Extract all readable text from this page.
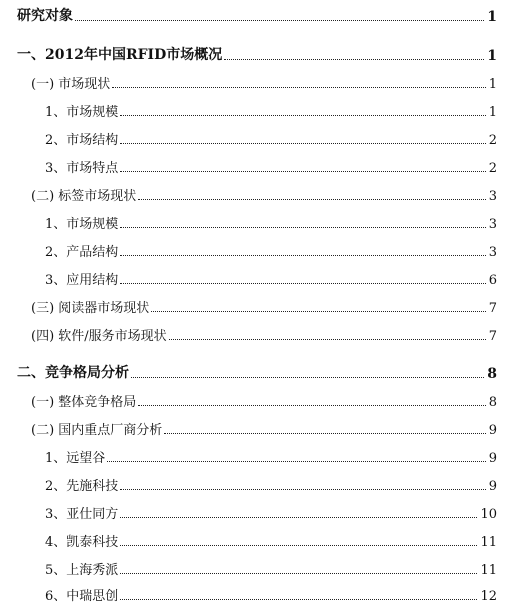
研究对象	1
一、2012年中国RFID市场概况	1
(一) 市场现状	1
1、市场规模	1
2、市场结构	2
3、市场特点	2
(二) 标签市场现状	3
1、市场规模	3
2、产品结构	3
3、应用结构	6
(三) 阅读器市场现状	7
(四) 软件/服务市场现状	7
二、竞争格局分析	8
(一) 整体竞争格局	8
(二) 国内重点厂商分析	9
1、远望谷	9
2、先施科技	9
3、亚仕同方	10
4、凯泰科技	11
5、上海秀派	11
6、中瑞思创	12
